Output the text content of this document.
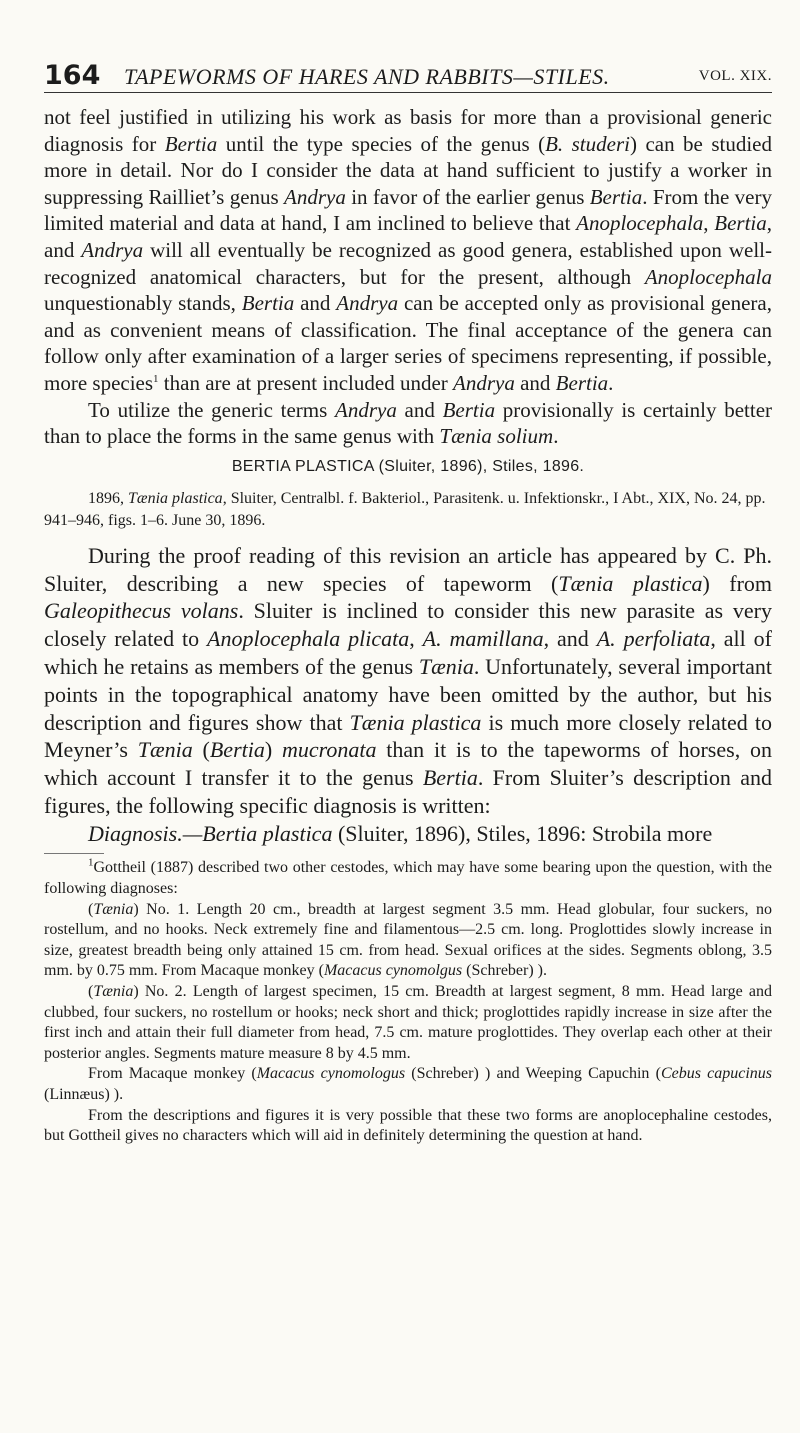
164 TAPEWORMS OF HARES AND RABBITS—STILES.	VOL. XIX.

not feel justified in utilizing his work as basis for more than a provisional generic diagnosis for Bertia until the type species of the genus (B. studeri) can be studied more in detail. Nor do I consider the data at hand sufficient to justify a worker in suppressing Railliet’s genus Andrya in favor of the earlier genus Bertia. From the very limited material and data at hand, I am inclined to believe that Anoplocephala, Bertia, and Andrya will all eventually be recognized as good genera, established upon well-recognized anatomical characters, but for the present, although Anoplocephala unquestionably stands, Bertia and Andrya can be accepted only as provisional genera, and as convenient means of classification. The final acceptance of the genera can follow only after examination of a larger series of specimens representing, if possible, more species$^1$ than are at present included under Andrya and Bertia.

To utilize the generic terms Andrya and Bertia provisionally is certainly better than to place the forms in the same genus with Tænia solium.

BERTIA PLASTICA (Sluiter, 1896), Stiles, 1896.

1896, Tænia plastica, Sluiter, Centralbl. f. Bakteriol., Parasitenk. u. Infektionskr., I Abt., XIX, No. 24, pp. 941–946, figs. 1–6. June 30, 1896.

During the proof reading of this revision an article has appeared by C. Ph. Sluiter, describing a new species of tapeworm (Tænia plastica) from Galeopithecus volans. Sluiter is inclined to consider this new parasite as very closely related to Anoplocephala plicata, A. mamillana, and A. perfoliata, all of which he retains as members of the genus Tænia. Unfortunately, several important points in the topographical anatomy have been omitted by the author, but his description and figures show that Tænia plastica is much more closely related to Meyner’s Tænia (Bertia) mucronata than it is to the tapeworms of horses, on which account I transfer it to the genus Bertia. From Sluiter’s description and figures, the following specific diagnosis is written:

Diagnosis.—Bertia plastica (Sluiter, 1896), Stiles, 1896: Strobila more

$^1$Gottheil (1887) described two other cestodes, which may have some bearing upon the question, with the following diagnoses:

(Tænia) No. 1. Length 20 cm., breadth at largest segment 3.5 mm. Head globular, four suckers, no rostellum, and no hooks. Neck extremely fine and filamentous—2.5 cm. long. Proglottides slowly increase in size, greatest breadth being only attained 15 cm. from head. Sexual orifices at the sides. Segments oblong, 3.5 mm. by 0.75 mm. From Macaque monkey (Macacus cynomolgus (Schreber) ).

(Tænia) No. 2. Length of largest specimen, 15 cm. Breadth at largest segment, 8 mm. Head large and clubbed, four suckers, no rostellum or hooks; neck short and thick; proglottides rapidly increase in size after the first inch and attain their full diameter from head, 7.5 cm. mature proglottides. They overlap each other at their posterior angles. Segments mature measure 8 by 4.5 mm.

From Macaque monkey (Macacus cynomologus (Schreber) ) and Weeping Capuchin (Cebus capucinus (Linnæus) ).

From the descriptions and figures it is very possible that these two forms are anoplocephaline cestodes, but Gottheil gives no characters which will aid in definitely determining the question at hand.
